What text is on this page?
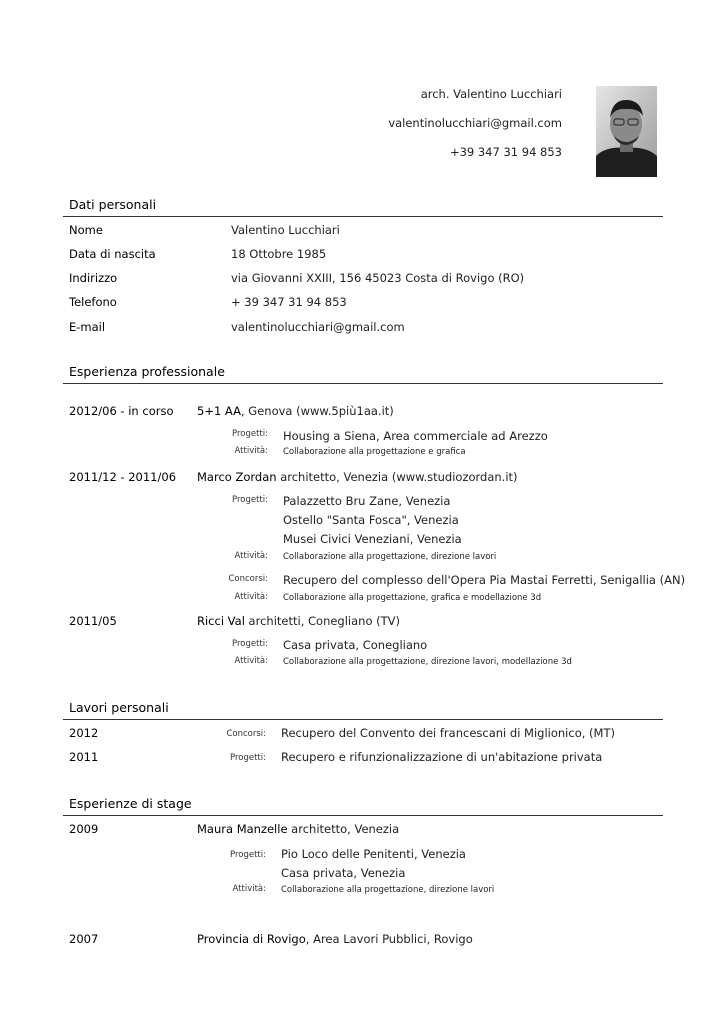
arch. Valentino Lucchiari
valentinolucchiari@gmail.com
+39 347 31 94 853
Dati personali
Nome	Valentino Lucchiari
Data di nascita	18 Ottobre 1985
Indirizzo	via Giovanni XXIII, 156 45023 Costa di Rovigo (RO)
Telefono	+ 39 347 31 94 853
E-mail	valentinolucchiari@gmail.com
Esperienza professionale
2012/06 - in corso 5+1 AA, Genova (www.5più1aa.it)
Progetti: Housing a Siena, Area commerciale ad Arezzo
Attività: Collaborazione alla progettazione e grafica
2011/12 - 2011/06 Marco Zordan architetto, Venezia (www.studiozordan.it)
Progetti: Palazzetto Bru Zane, Venezia
Ostello "Santa Fosca", Venezia
Musei Civici Veneziani, Venezia
Attività: Collaborazione alla progettazione, direzione lavori
Concorsi: Recupero del complesso dell'Opera Pia Mastai Ferretti, Senigallia (AN)
Attività: Collaborazione alla progettazione, grafica e modellazione 3d
2011/05	Ricci Val architetti, Conegliano (TV)
Progetti: Casa privata, Conegliano
Attività: Collaborazione alla progettazione, direzione lavori, modellazione 3d
Lavori personali
2012	Concorsi: Recupero del Convento dei francescani di Miglionico, (MT)
2011	Progetti: Recupero e rifunzionalizzazione di un'abitazione privata
Esperienze di stage
2009	Maura Manzelle architetto, Venezia
Progetti: Pio Loco delle Penitenti, Venezia
Casa privata, Venezia
Attività: Collaborazione alla progettazione, direzione lavori
2007	Provincia di Rovigo, Area Lavori Pubblici, Rovigo
